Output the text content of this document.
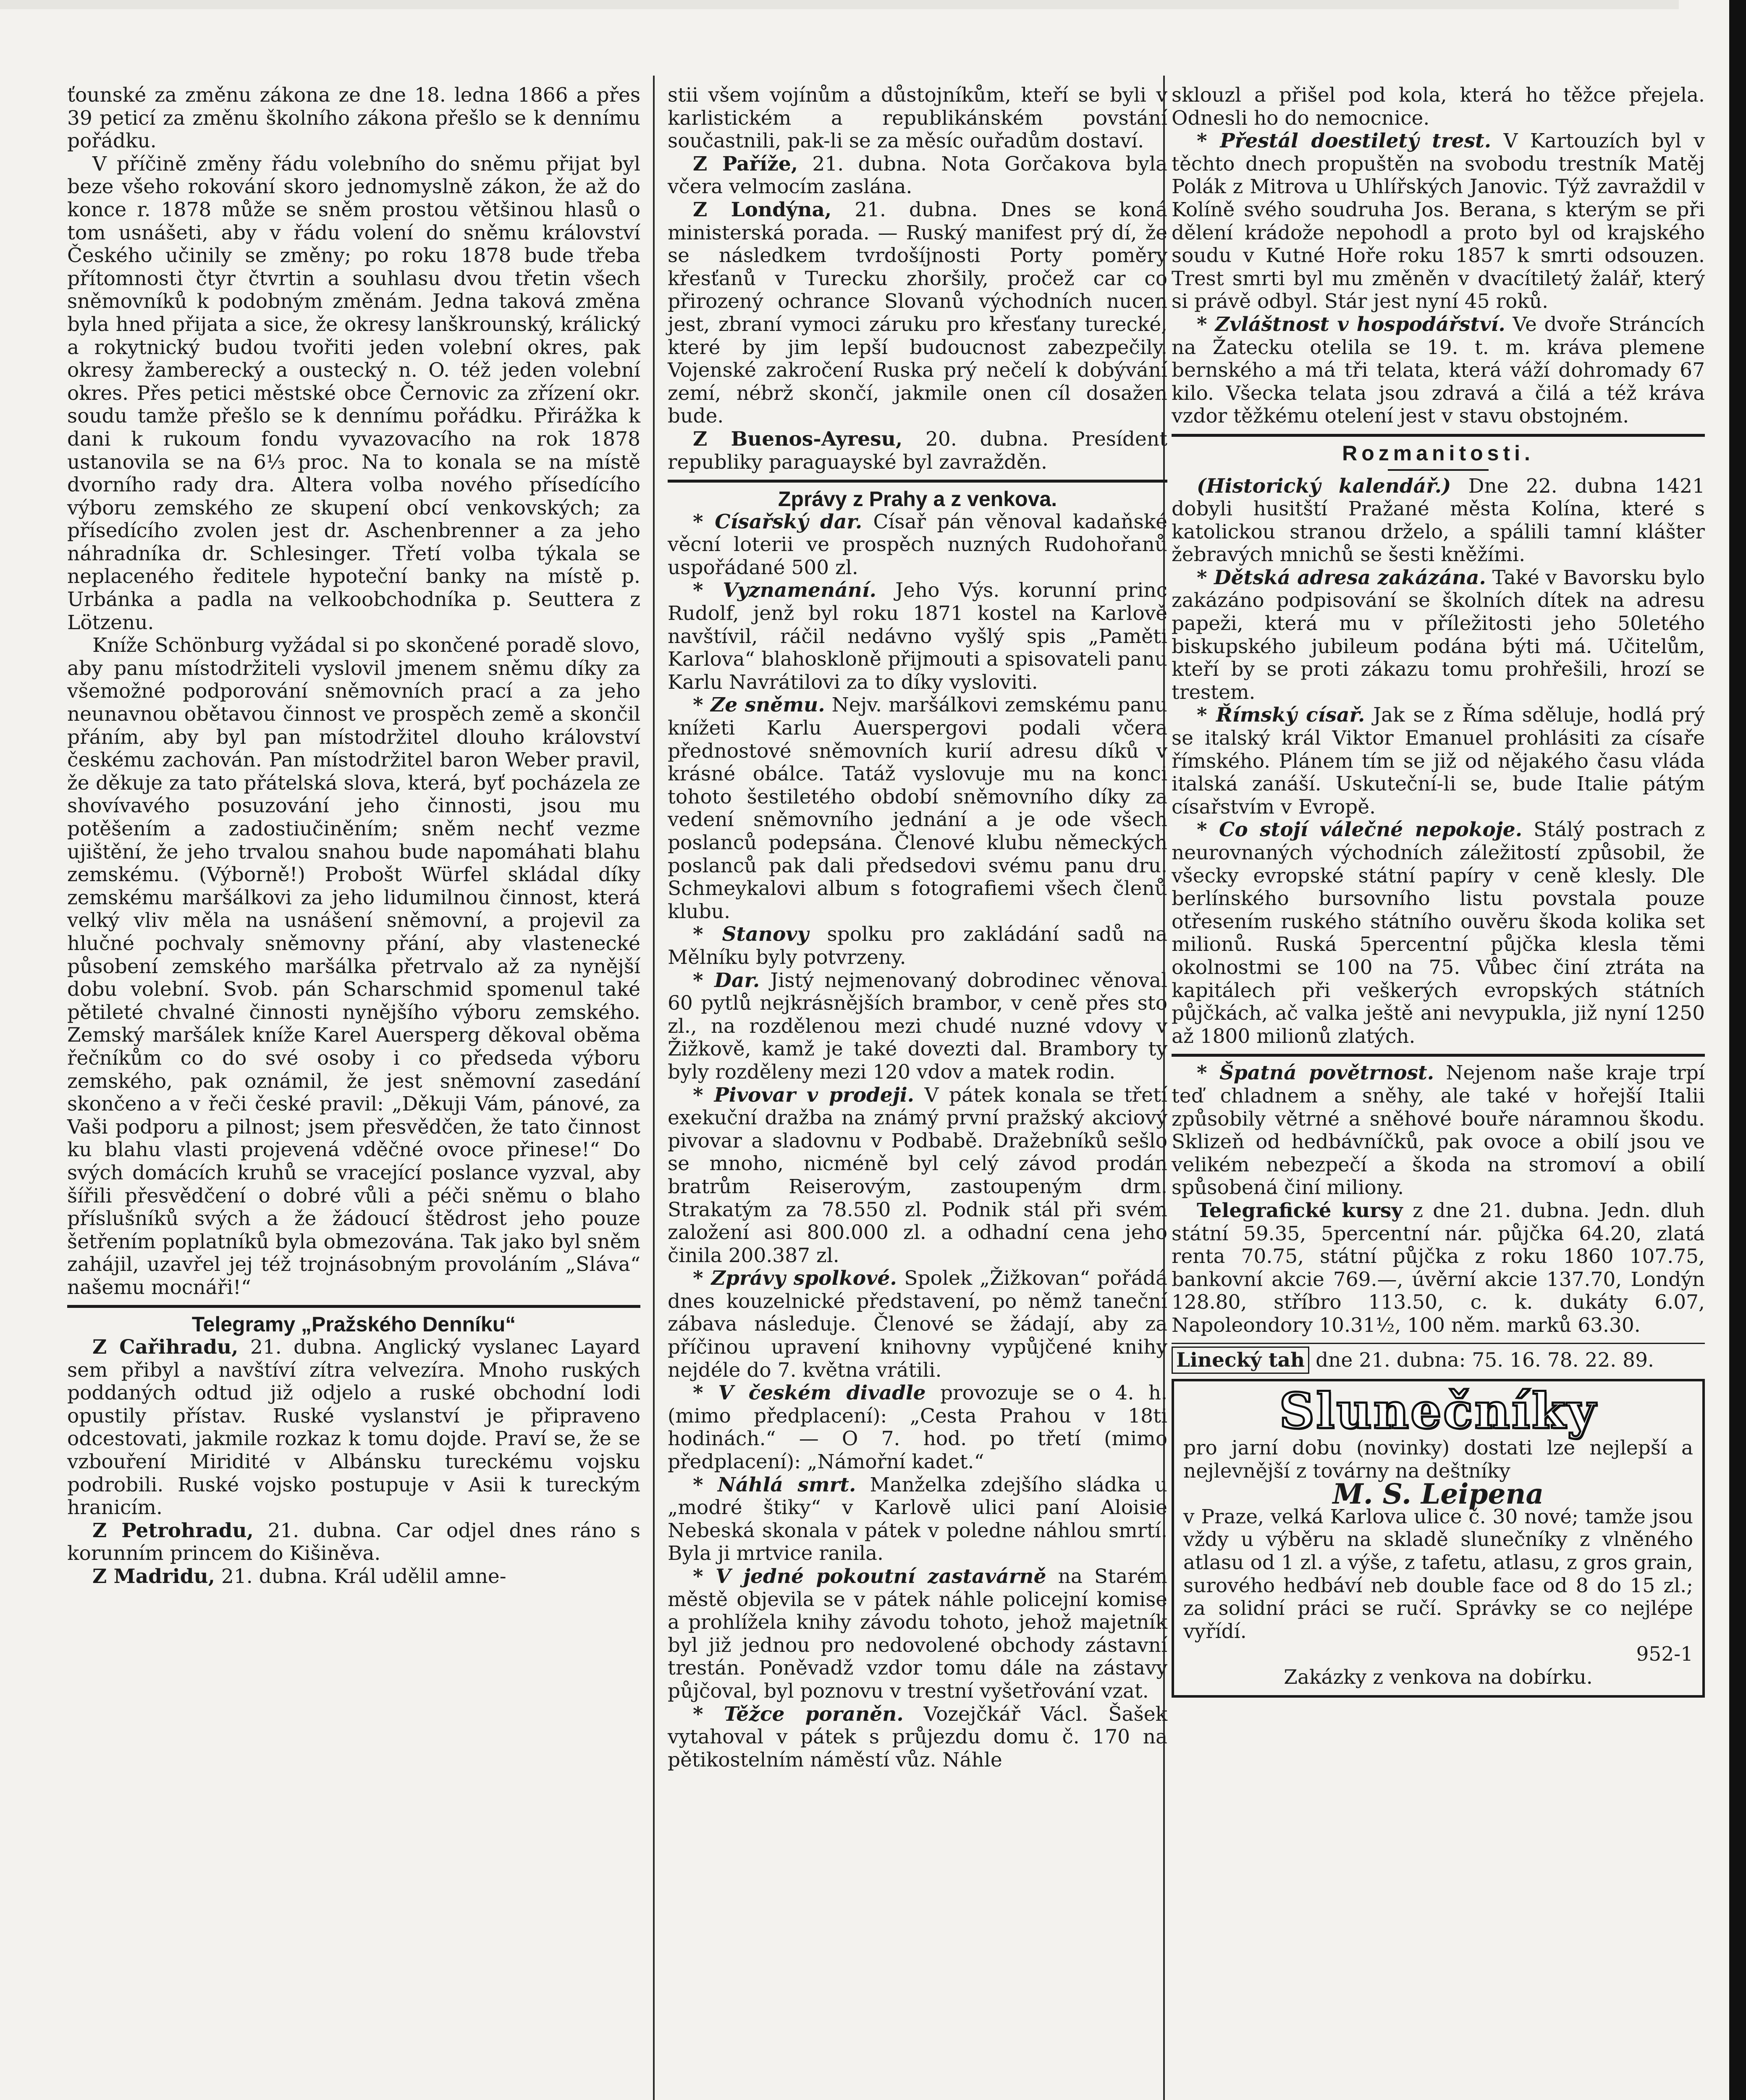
ťounské za změnu zákona ze dne 18. ledna 1866 a přes 39 peticí za změnu školního zákona přešlo se k dennímu pořádku.

V příčině změny řádu volebního do sněmu přijat byl beze všeho rokování skoro jednomyslně zákon, že až do konce r. 1878 může se sněm prostou většinou hlasů o tom usnášeti, aby v řádu volení do sněmu království Českého učinily se změny; po roku 1878 bude třeba přítomnosti čtyr čtvrtin a souhlasu dvou třetin všech sněmovníků k podobným změnám. Jedna taková změna byla hned přijata a sice, že okresy lanškrounský, králický a rokytnický budou tvořiti jeden volební okres, pak okresy žamberecký a oustecký n. O. též jeden volební okres. Přes petici městské obce Černovic za zřízení okr. soudu tamže přešlo se k dennímu pořádku. Přirážka k dani k rukoum fondu vyvazovacího na rok 1878 ustanovila se na 6⅓ proc. Na to konala se na místě dvorního rady dra. Altera volba nového přísedícího výboru zemského ze skupení obcí venkovských; za přísedícího zvolen jest dr. Aschenbrenner a za jeho náhradníka dr. Schlesinger. Třetí volba týkala se neplaceného ředitele hypoteční banky na místě p. Urbánka a padla na velkoobchodníka p. Seuttera z Lötzenu.

Kníže Schönburg vyžádal si po skončené poradě slovo, aby panu místodržiteli vyslovil jmenem sněmu díky za všemožné podporování sněmovních prací a za jeho neunavnou obětavou činnost ve prospěch země a skončil přáním, aby byl pan místodržitel dlouho království českému zachován. Pan místodržitel baron Weber pravil, že děkuje za tato přátelská slova, která, byť pocházela ze shovívavého posuzování jeho činnosti, jsou mu potěšením a zadostiučiněním; sněm nechť vezme ujištění, že jeho trvalou snahou bude napomáhati blahu zemskému. (Výborně!) Probošt Würfel skládal díky zemskému maršálkovi za jeho lidumilnou činnost, která velký vliv měla na usnášení sněmovní, a projevil za hlučné pochvaly sněmovny přání, aby vlastenecké působení zemského maršálka přetrvalo až za nynější dobu volební. Svob. pán Scharschmid spomenul také pětileté chvalné činnosti nynějšího výboru zemského. Zemský maršálek kníže Karel Auersperg děkoval oběma řečníkům co do své osoby i co předseda výboru zemského, pak oznámil, že jest sněmovní zasedání skončeno a v řeči české pravil: „Děkuji Vám, pánové, za Vaši podporu a pilnost; jsem přesvědčen, že tato činnost ku blahu vlasti projevená vděčné ovoce přinese!“ Do svých domácích kruhů se vracející poslance vyzval, aby šířili přesvědčení o dobré vůli a péči sněmu o blaho příslušníků svých a že žádoucí štědrost jeho pouze šetřením poplatníků byla obmezována. Tak jako byl sněm zahájil, uzavřel jej též trojnásobným provoláním „Sláva“ našemu mocnáři!“

Telegramy „Pražského Denníku“

Z Cařihradu, 21. dubna. Anglický vyslanec Layard sem přibyl a navštíví zítra velvezíra. Mnoho ruských poddaných odtud již odjelo a ruské obchodní lodi opustily přístav. Ruské vyslanství je připraveno odcestovati, jakmile rozkaz k tomu dojde. Praví se, že se vzbouření Miridité v Albánsku tureckému vojsku podrobili. Ruské vojsko postupuje v Asii k tureckým hranicím.

Z Petrohradu, 21. dubna. Car odjel dnes ráno s korunním princem do Kišiněva.

Z Madridu, 21. dubna. Král udělil amne-

stii všem vojínům a důstojníkům, kteří se byli v karlistickém a republikánském povstání součastnili, pak-li se za měsíc ouřadům dostaví.

Z Paříže, 21. dubna. Nota Gorčakova byla včera velmocím zaslána.

Z Londýna, 21. dubna. Dnes se koná ministerská porada. — Ruský manifest prý dí, že se následkem tvrdošíjnosti Porty poměry křesťanů v Turecku zhoršily, pročež car co přirozený ochrance Slovanů východních nucen jest, zbraní vymoci záruku pro křesťany turecké, které by jim lepší budoucnost zabezpečily. Vojenské zakročení Ruska prý nečelí k dobývání zemí, nébrž skončí, jakmile onen cíl dosažen bude.

Z Buenos-Ayresu, 20. dubna. Presídent republiky paraguayské byl zavražděn.

Zprávy z Prahy a z venkova.

* Císařský dar. Císař pán věnoval kadaňské věcní loterii ve prospěch nuzných Rudohořanů uspořádané 500 zl.

* Vyznamenání. Jeho Výs. korunní princ Rudolf, jenž byl roku 1871 kostel na Karlově navštívil, ráčil nedávno vyšlý spis „Paměti Karlova“ blahoskloně přijmouti a spisovateli panu Karlu Navrátilovi za to díky vysloviti.

* Ze sněmu. Nejv. maršálkovi zemskému panu knížeti Karlu Auerspergovi podali včera přednostové sněmovních kurií adresu díků v krásné obálce. Tatáž vyslovuje mu na konci tohoto šestiletého období sněmovního díky za vedení sněmovního jednání a je ode všech poslanců podepsána. Členové klubu německých poslanců pak dali předsedovi svému panu dru. Schmeykalovi album s fotografiemi všech členů klubu.

* Stanovy spolku pro zakládání sadů na Mělníku byly potvrzeny.

* Dar. Jistý nejmenovaný dobrodinec věnoval 60 pytlů nejkrásnějších brambor, v ceně přes sto zl., na rozdělenou mezi chudé nuzné vdovy v Žižkově, kamž je také dovezti dal. Brambory ty byly rozděleny mezi 120 vdov a matek rodin.

* Pivovar v prodeji. V pátek konala se třetí exekuční dražba na známý první pražský akciový pivovar a sladovnu v Podbabě. Dražebníků sešlo se mnoho, nicméně byl celý závod prodán bratrům Reiserovým, zastoupeným drm. Strakatým za 78.550 zl. Podnik stál při svém založení asi 800.000 zl. a odhadní cena jeho činila 200.387 zl.

* Zprávy spolkové. Spolek „Žižkovan“ pořádá dnes kouzelnické představení, po němž taneční zábava následuje. Členové se žádají, aby za příčinou upravení knihovny vypůjčené knihy nejdéle do 7. května vrátili.

* V českém divadle provozuje se o 4. h. (mimo předplacení): „Cesta Prahou v 18ti hodinách.“ — O 7. hod. po třetí (mimo předplacení): „Námořní kadet.“

* Náhlá smrt. Manželka zdejšího sládka u „modré štiky“ v Karlově ulici paní Aloisie Nebeská skonala v pátek v poledne náhlou smrtí. Byla ji mrtvice ranila.

* V jedné pokoutní zastavárně na Starém městě objevila se v pátek náhle policejní komise a prohlížela knihy závodu tohoto, jehož majetník byl již jednou pro nedovolené obchody zástavní trestán. Poněvadž vzdor tomu dále na zástavy půjčoval, byl poznovu v trestní vyšetřování vzat.

* Těžce poraněn. Vozejčkář Václ. Šašek vytahoval v pátek s průjezdu domu č. 170 na pětikostelním náměstí vůz. Náhle

sklouzl a přišel pod kola, která ho těžce přejela. Odnesli ho do nemocnice.

* Přestál doestiletý trest. V Kartouzích byl v těchto dnech propuštěn na svobodu trestník Matěj Polák z Mitrova u Uhlířských Janovic. Týž zavraždil v Kolíně svého soudruha Jos. Berana, s kterým se při dělení krádože nepohodl a proto byl od krajského soudu v Kutné Hoře roku 1857 k smrti odsouzen. Trest smrti byl mu změněn v dvacítiletý žalář, který si právě odbyl. Stár jest nyní 45 roků.

* Zvláštnost v hospodářství. Ve dvoře Stráncích na Žatecku otelila se 19. t. m. kráva plemene bernského a má tři telata, která váží dohromady 67 kilo. Všecka telata jsou zdravá a čilá a též kráva vzdor těžkému otelení jest v stavu obstojném.

Rozmanitosti.

(Historický kalendář.) Dne 22. dubna 1421 dobyli husitští Pražané města Kolína, které s katolickou stranou drželo, a spálili tamní klášter žebravých mnichů se šesti kněžími.

* Dětská adresa zakázána. Také v Bavorsku bylo zakázáno podpisování se školních dítek na adresu papeži, která mu v příležitosti jeho 50letého biskupského jubileum podána býti má. Učitelům, kteří by se proti zákazu tomu prohřešili, hrozí se trestem.

* Římský císař. Jak se z Říma sděluje, hodlá prý se italský král Viktor Emanuel prohlásiti za císaře římského. Plánem tím se již od nějakého času vláda italská zanáší. Uskuteční-li se, bude Italie pátým císařstvím v Evropě.

* Co stojí válečné nepokoje. Stálý postrach z neurovnaných východních záležitostí způsobil, že všecky evropské státní papíry v ceně klesly. Dle berlínského bursovního listu povstala pouze otřesením ruského státního ouvěru škoda kolika set milionů. Ruská 5percentní půjčka klesla těmi okolnostmi se 100 na 75. Vůbec činí ztráta na kapitálech při veškerých evropských státních půjčkách, ač valka ještě ani nevypukla, již nyní 1250 až 1800 milionů zlatých.

* Špatná povětrnost. Nejenom naše kraje trpí teď chladnem a sněhy, ale také v hořejší Italii způsobily větrné a sněhové bouře náramnou škodu. Sklizeň od hedbávníčků, pak ovoce a obilí jsou ve velikém nebezpečí a škoda na stromoví a obilí spůsobená činí miliony.

Telegrafické kursy z dne 21. dubna. Jedn. dluh státní 59.35, 5percentní nár. půjčka 64.20, zlatá renta 70.75, státní půjčka z roku 1860 107.75, bankovní akcie 769.—, úvěrní akcie 137.70, Londýn 128.80, stříbro 113.50, c. k. dukáty 6.07, Napoleondory 10.31½, 100 něm. marků 63.30.

Linecký tah dne 21. dubna: 75. 16. 78. 22. 89.

Slunečníky
pro jarní dobu (novinky) dostati lze nejlepší a nejlevnější z továrny na deštníky
M. S. Leipena
v Praze, velká Karlova ulice č. 30 nové; tamže jsou vždy u výběru na skladě slunečníky z vlněného atlasu od 1 zl. a výše, z tafetu, atlasu, z gros grain, surového hedbáví neb double face od 8 do 15 zl.; za solidní práci se ručí. Správky se co nejlépe vyřídí.
952-1
Zakázky z venkova na dobírku.
